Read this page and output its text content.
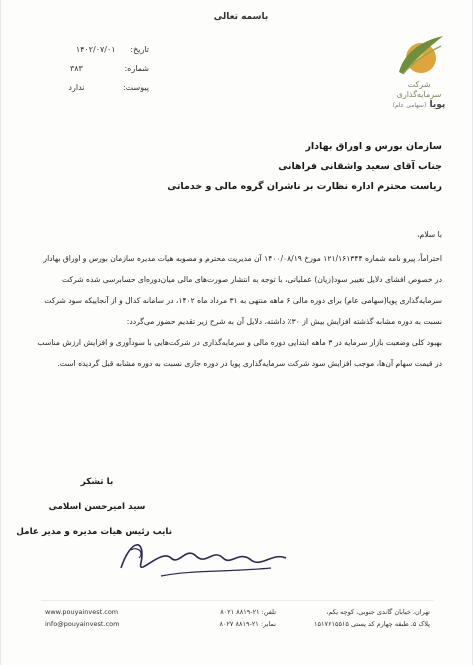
باسمه تعالی
شرکت
سرمایه‌گذاری
پویا (سهامی عام)
تاریخ: ۱۴۰۲/۰۷/۰۱
شماره: ۳۸۳
پیوست: ندارد
سازمان بورس و اوراق بهادار
جناب آقای سعید واشقانی فراهانی
ریاست محترم اداره نظارت بر ناشران گروه مالی و خدماتی

با سلام،

احتراماً، پیرو نامه شماره ۱۲۱/۱۶۱۳۴۴ مورخ ۱۴۰۰/۰۸/۱۹ آن مدیریت محترم و مصوبه هیات مدیره سازمان بورس و اوراق بهادار در خصوص افشای دلایل تغییر سود(زیان) عملیاتی، با توجه به انتشار صورت‌های مالی میان‌دوره‌ای حسابرسی شده شرکت سرمایه‌گذاری پویا(سهامی عام) برای دوره مالی ۶ ماهه منتهی به ۳۱ مرداد ماه ۱۴۰۲، در سامانه کدال و از آنجاییکه سود شرکت نسبت به دوره مشابه گذشته افزایش بیش از ۳۰٪ داشته، دلایل آن به شرح زیر تقدیم حضور می‌گردد:

بهبود کلی وضعیت بازار سرمایه در ۳ ماهه ابتدایی دوره مالی و سرمایه‌گذاری در شرکت‌هایی با سودآوری و افزایش ارزش مناسب در قیمت سهام آن‌ها، موجب افزایش سود شرکت سرمایه‌گذاری پویا در دوره جاری نسبت به دوره مشابه قبل گردیده است.

با تشکر
سید امیرحسن اسلامی
نایب رئیس هیات مدیره و مدیر عامل
www.pouyainvest.com
info@pouyainvest.com
تلفن: ۲۱-۸۸۱۹ ۸۰۲۱
نمابر: ۲۱-۸۸۱۹ ۸۰۲۷
تهران، خیابان گاندی جنوبی، کوچه یکم،
پلاک ۵، طبقه چهارم کد پستی ۱۵۱۷۶۱۵۵۱۵
